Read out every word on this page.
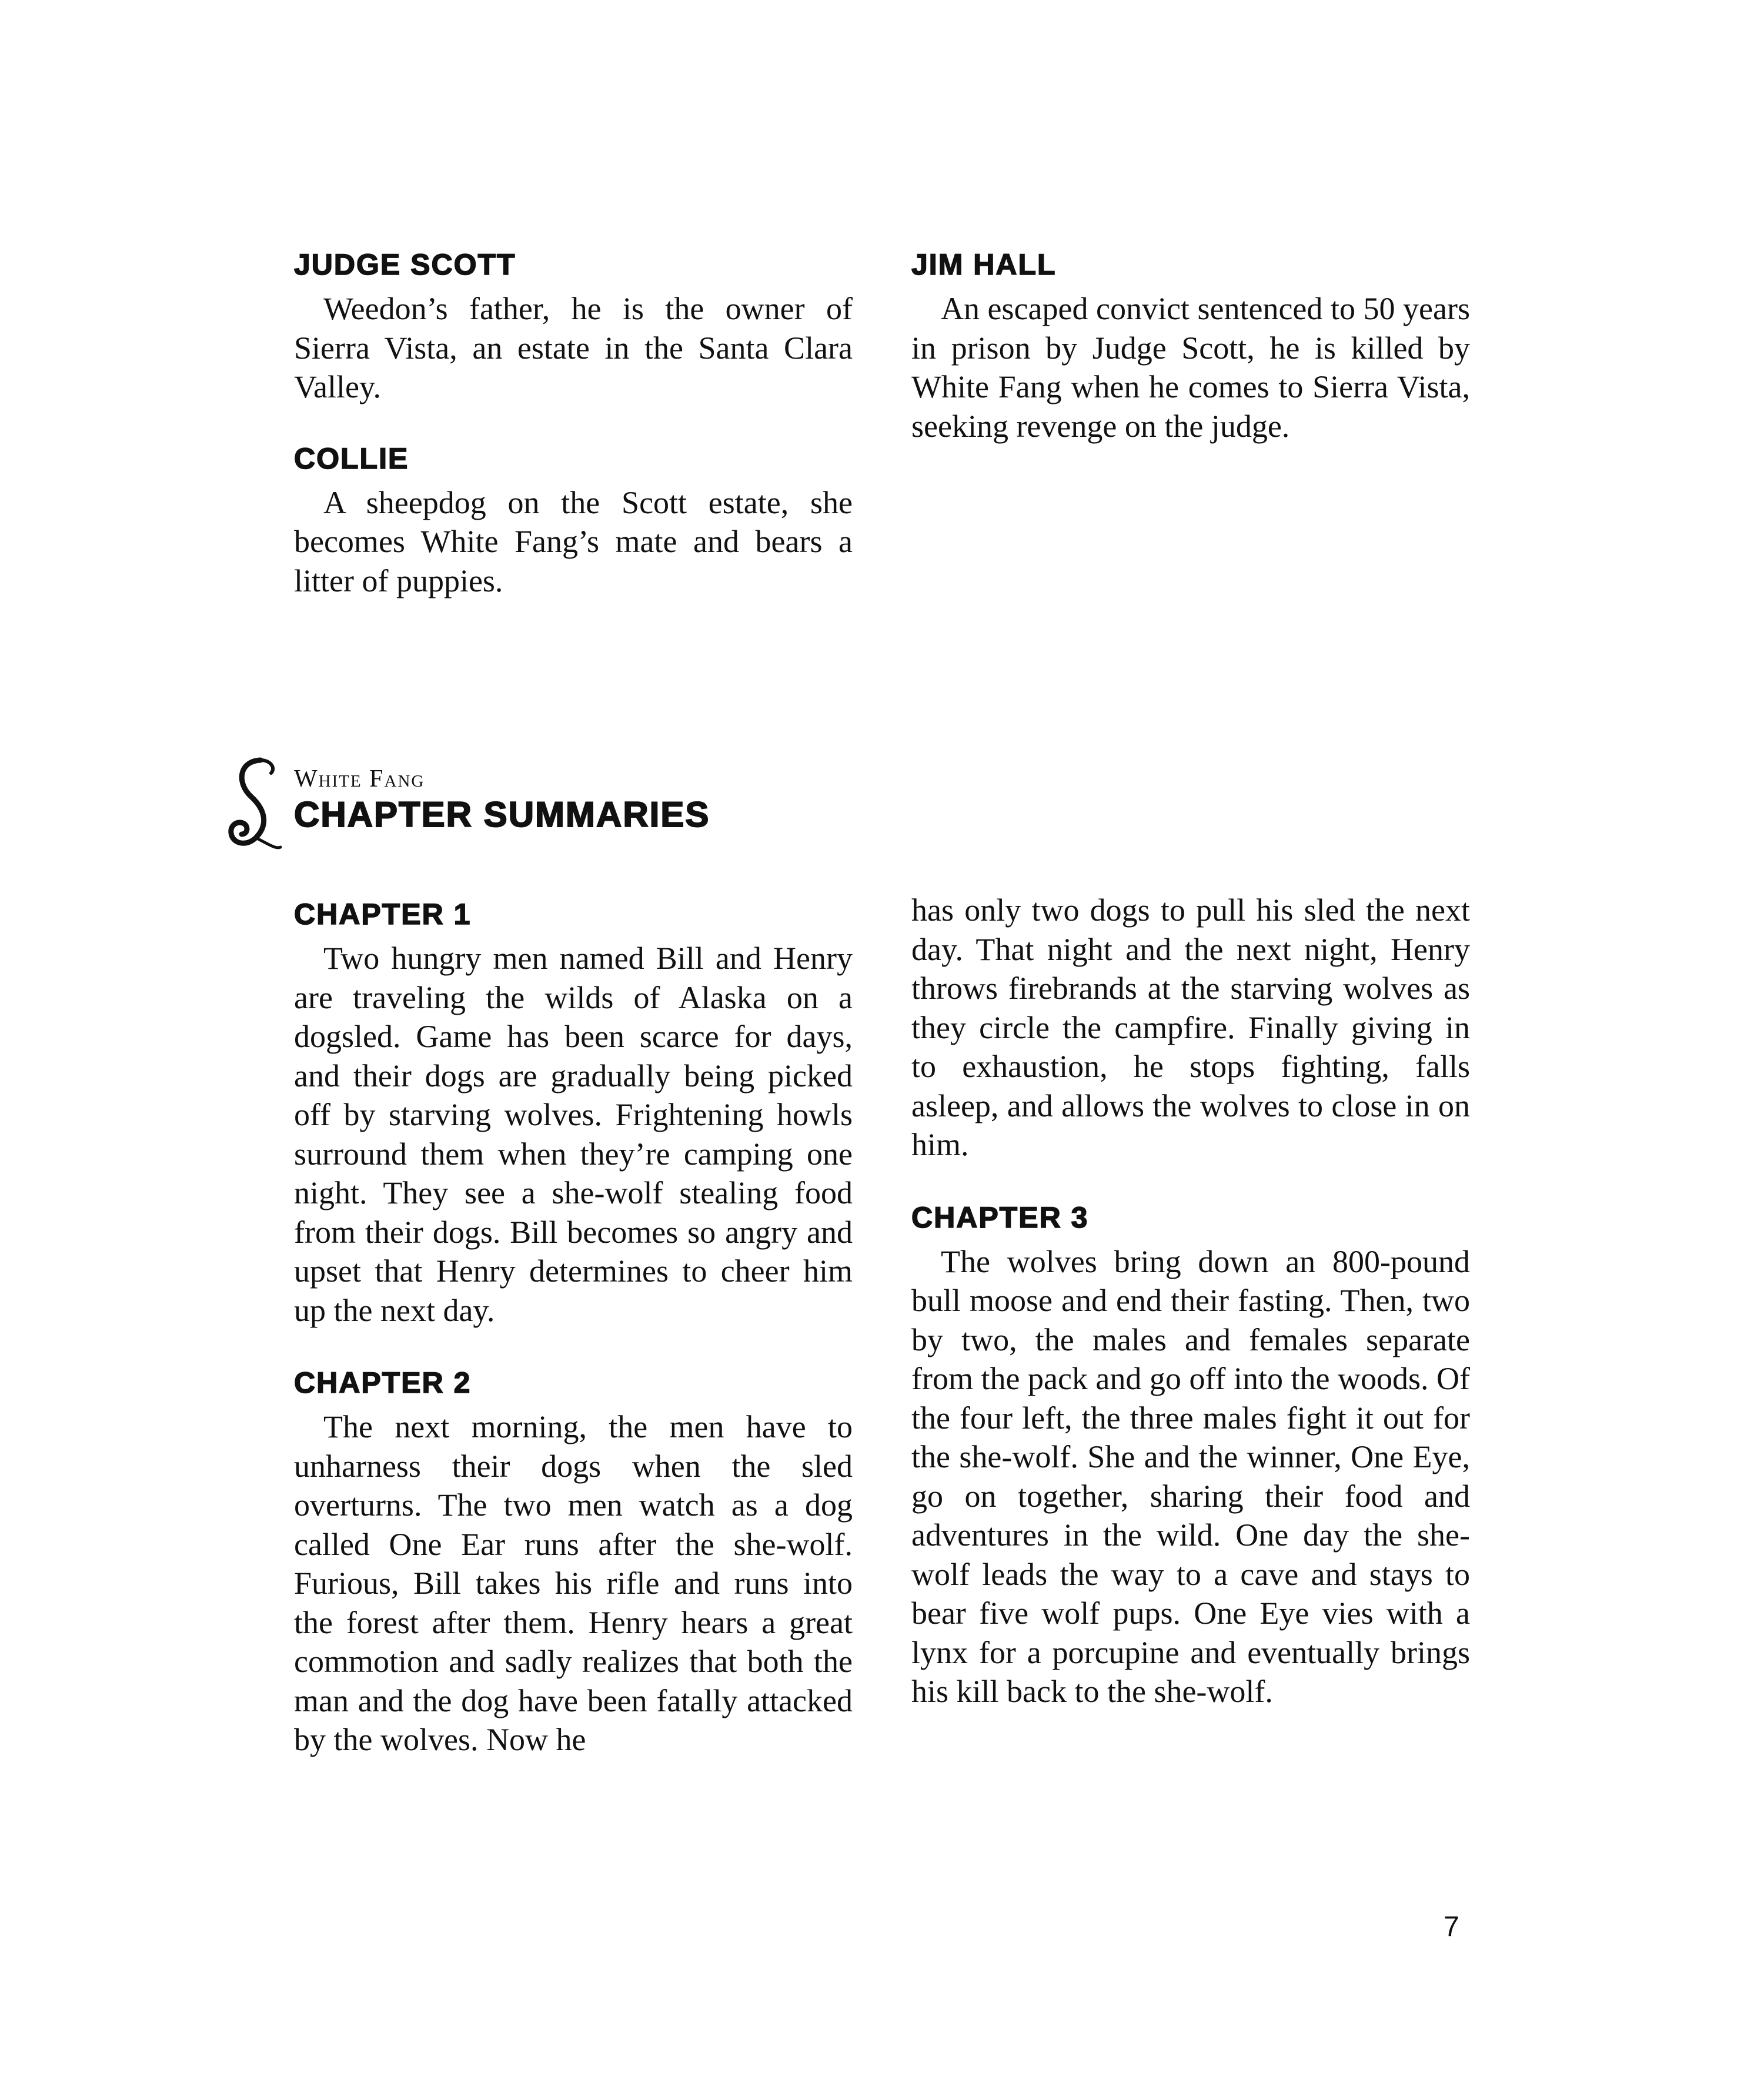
JUDGE SCOTT

Weedon’s father, he is the owner of Sierra Vista, an estate in the Santa Clara Valley.

COLLIE

A sheepdog on the Scott estate, she becomes White Fang’s mate and bears a litter of puppies.

JIM HALL

An escaped convict sentenced to 50 years in prison by Judge Scott, he is killed by White Fang when he comes to Sierra Vista, seeking revenge on the judge.

White Fang
CHAPTER SUMMARIES
CHAPTER 1

Two hungry men named Bill and Henry are traveling the wilds of Alaska on a dogsled. Game has been scarce for days, and their dogs are gradually being picked off by starving wolves. Frightening howls surround them when they’re camping one night. They see a she-wolf stealing food from their dogs. Bill becomes so angry and upset that Henry determines to cheer him up the next day.

CHAPTER 2

The next morning, the men have to unharness their dogs when the sled overturns. The two men watch as a dog called One Ear runs after the she-wolf. Furious, Bill takes his rifle and runs into the forest after them. Henry hears a great commotion and sadly realizes that both the man and the dog have been fatally attacked by the wolves. Now he

has only two dogs to pull his sled the next day. That night and the next night, Henry throws firebrands at the starving wolves as they circle the campfire. Finally giving in to exhaustion, he stops fighting, falls asleep, and allows the wolves to close in on him.

CHAPTER 3

The wolves bring down an 800-pound bull moose and end their fasting. Then, two by two, the males and females separate from the pack and go off into the woods. Of the four left, the three males fight it out for the she-wolf. She and the winner, One Eye, go on together, sharing their food and adventures in the wild. One day the she-wolf leads the way to a cave and stays to bear five wolf pups. One Eye vies with a lynx for a porcupine and eventually brings his kill back to the she-wolf.

7
